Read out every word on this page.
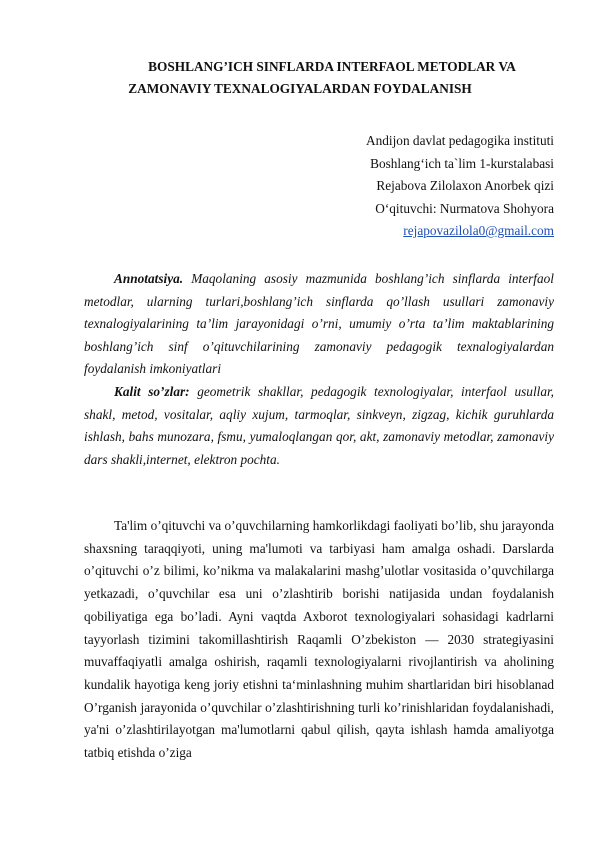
BOSHLANG’ICH SINFLARDA INTERFAOL METODLAR VA
ZAMONAVIY TEXNALOGIYALARDAN FOYDALANISH
Andijon davlat pedagogika instituti
Boshlang‘ich ta`lim 1-kurstalabasi
Rejabova Zilolaxon Anorbek qizi
O‘qituvchi: Nurmatova Shohyora
rejapovazilola0@gmail.com

Annotatsiya. Maqolaning asosiy mazmunida boshlang’ich sinflarda interfaol metodlar, ularning turlari,boshlang’ich sinflarda qo’llash usullari zamonaviy texnalogiyalarining ta’lim jarayonidagi o’rni, umumiy o’rta ta’lim maktablarining boshlang’ich sinf o’qituvchilarining zamonaviy pedagogik texnalogiyalardan foydalanish imkoniyatlari

Kalit so’zlar: geometrik shakllar, pedagogik texnologiyalar, interfaol usullar, shakl, metod, vositalar, aqliy xujum, tarmoqlar, sinkveyn, zigzag, kichik guruhlarda ishlash, bahs munozara, fsmu, yumaloqlangan qor, akt, zamonaviy metodlar, zamonaviy dars shakli,internet, elektron pochta.

Ta'lim o’qituvchi va o’quvchilarning hamkorlikdagi faoliyati bo’lib, shu jarayonda shaxsning taraqqiyoti, uning ma'lumoti va tarbiyasi ham amalga oshadi. Darslarda o’qituvchi o’z bilimi, ko’nikma va malakalarini mashg’ulotlar vositasida o’quvchilarga yetkazadi, o’quvchilar esa uni o’zlashtirib borishi natijasida undan foydalanish qobiliyatiga ega bo’ladi. Ayni vaqtda Axborot texnologiyalari sohasidagi kadrlarni tayyorlash tizimini takomillashtirish Raqamli O’zbekiston — 2030 strategiyasini muvaffaqiyatli amalga oshirish, raqamli texnologiyalarni rivojlantirish va aholining kundalik hayotiga keng joriy etishni ta‘minlashning muhim shartlaridan biri hisoblanad O’rganish jarayonida o’quvchilar o’zlashtirishning turli ko’rinishlaridan foydalanishadi, ya'ni o’zlashtirilayotgan ma'lumotlarni qabul qilish, qayta ishlash hamda amaliyotga tatbiq etishda o’ziga
